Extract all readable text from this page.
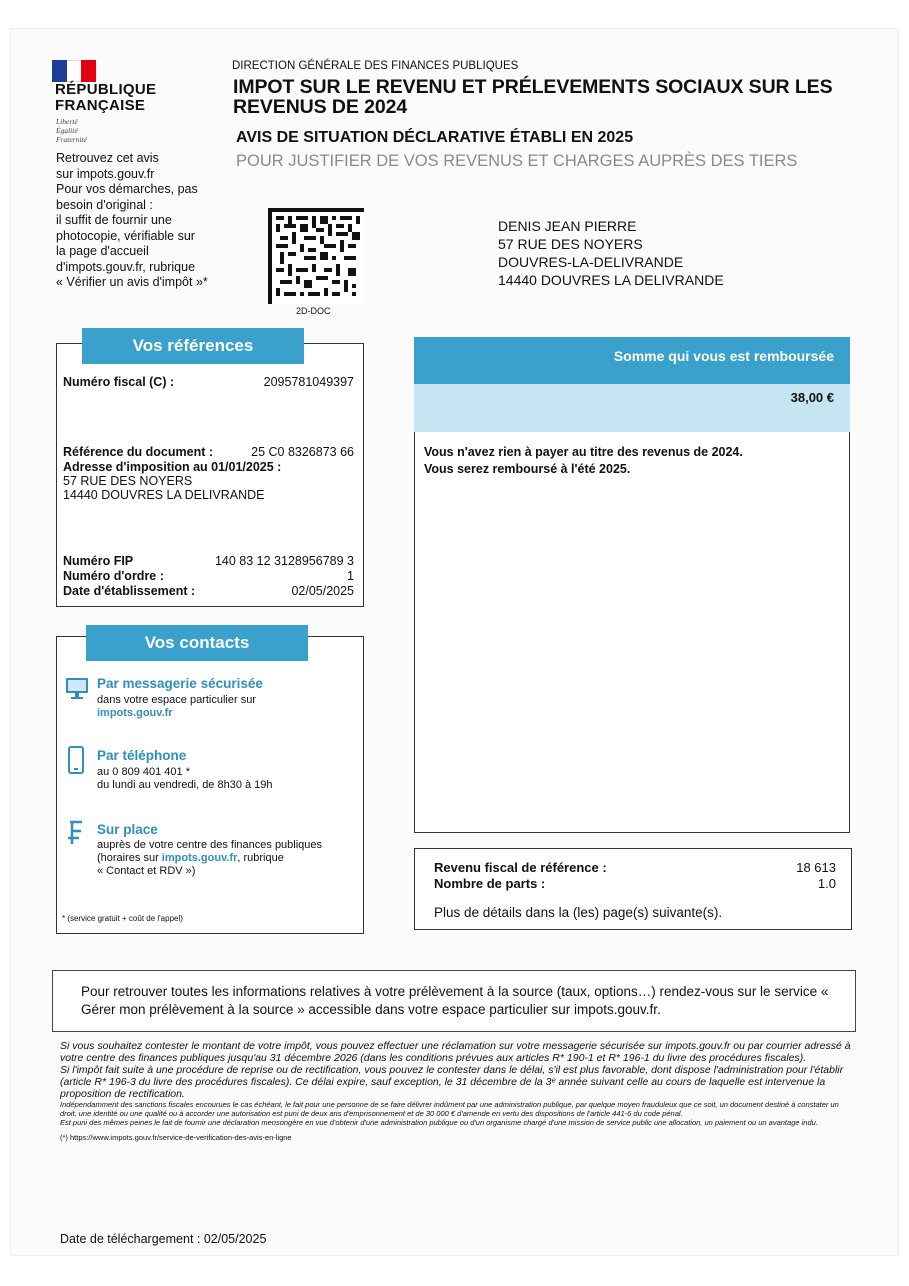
RÉPUBLIQUE
FRANÇAISE
Liberté
Égalité
Fraternité
DIRECTION GÉNÉRALE DES FINANCES PUBLIQUES
IMPOT SUR LE REVENU ET PRÉLEVEMENTS SOCIAUX SUR LES REVENUS DE 2024
AVIS DE SITUATION DÉCLARATIVE ÉTABLI EN 2025
POUR JUSTIFIER DE VOS REVENUS ET CHARGES AUPRÈS DES TIERS
Retrouvez cet avis
sur impots.gouv.fr
Pour vos démarches, pas
besoin d'original :
il suffit de fournir une
photocopie, vérifiable sur
la page d'accueil
d'impots.gouv.fr, rubrique
« Vérifier un avis d'impôt »*
2D-DOC
DENIS JEAN PIERRE
57 RUE DES NOYERS
DOUVRES-LA-DELIVRANDE
14440 DOUVRES LA DELIVRANDE
Vos références
Numéro fiscal (C) :	2095781049397
Référence du document :	25 C0 8326873 66
Adresse d'imposition au 01/01/2025 :
57 RUE DES NOYERS
14440 DOUVRES LA DELIVRANDE
Numéro FIP	140 83 12 3128956789 3
Numéro d'ordre :	1
Date d'établissement :	02/05/2025
Vos contacts
Par messagerie sécurisée
dans votre espace particulier sur
impots.gouv.fr
Par téléphone
au 0 809 401 401 *
du lundi au vendredi, de 8h30 à 19h
Sur place
auprès de votre centre des finances publiques
(horaires sur impots.gouv.fr, rubrique
« Contact et RDV »)
* (service gratuit + coût de l'appel)
Somme qui vous est remboursée
38,00 €
Vous n'avez rien à payer au titre des revenus de 2024.
Vous serez remboursé à l'été 2025.
Revenu fiscal de référence :	18 613
Nombre de parts :	1.0
Plus de détails dans la (les) page(s) suivante(s).
Pour retrouver toutes les informations relatives à votre prélèvement à la source (taux, options…) rendez-vous sur le service « Gérer mon prélèvement à la source » accessible dans votre espace particulier sur impots.gouv.fr.
Si vous souhaitez contester le montant de votre impôt, vous pouvez effectuer une réclamation sur votre messagerie sécurisée sur impots.gouv.fr ou par courrier adressé à votre centre des finances publiques jusqu'au 31 décembre 2026 (dans les conditions prévues aux articles R* 190-1 et R* 196-1 du livre des procédures fiscales).
Si l'impôt fait suite à une procédure de reprise ou de rectification, vous pouvez le contester dans le délai, s'il est plus favorable, dont dispose l'administration pour l'établir (article R* 196-3 du livre des procédures fiscales). Ce délai expire, sauf exception, le 31 décembre de la 3ᵉ année suivant celle au cours de laquelle est intervenue la proposition de rectification.
Indépendamment des sanctions fiscales encourues le cas échéant, le fait pour une personne de se faire délivrer indûment par une administration publique, par quelque moyen frauduleux que ce soit, un document destiné à constater un droit, une identité ou une qualité ou à accorder une autorisation est puni de deux ans d'emprisonnement et de 30 000 € d'amende en vertu des dispositions de l'article 441-6 du code pénal.
Est puni des mêmes peines le fait de fournir une déclaration mensongère en vue d'obtenir d'une administration publique ou d'un organisme chargé d'une mission de service public une allocation, un paiement ou un avantage indu.
(*) https://www.impots.gouv.fr/service-de-verification-des-avis-en-ligne
Date de téléchargement : 02/05/2025
